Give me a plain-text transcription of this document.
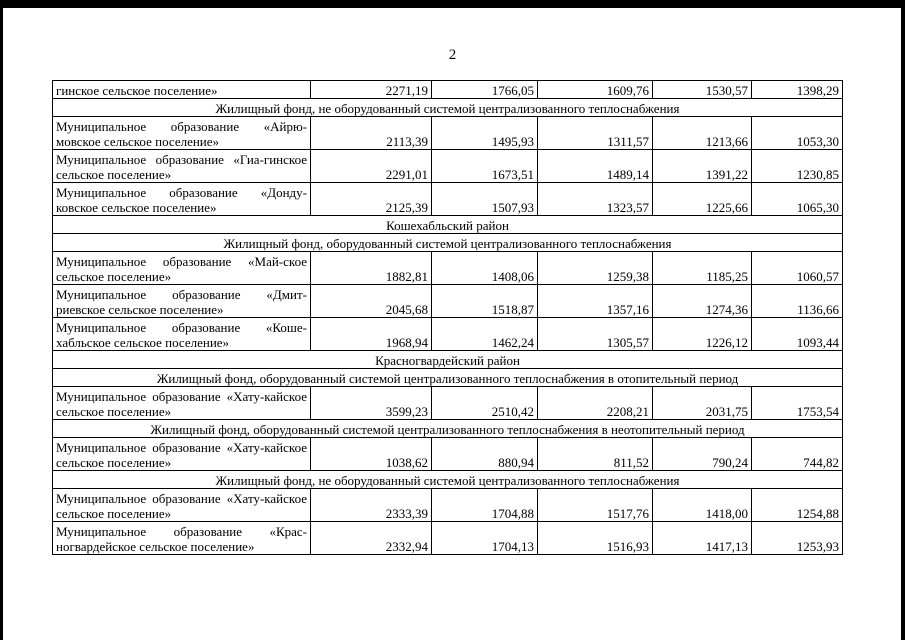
2
гинское сельское поселение»	2271,19	1766,05	1609,76	1530,57	1398,29
Жилищный фонд, не оборудованный системой централизованного теплоснабжения					
Муниципальное образование «Айрю-мовское сельское поселение»	2113,39	1495,93	1311,57	1213,66	1053,30
Муниципальное образование «Гиа-гинское сельское поселение»	2291,01	1673,51	1489,14	1391,22	1230,85
Муниципальное образование «Донду-ковское сельское поселение»	2125,39	1507,93	1323,57	1225,66	1065,30
Кошехабльский район					
Жилищный фонд, оборудованный системой централизованного теплоснабжения					
Муниципальное образование «Май-ское сельское поселение»	1882,81	1408,06	1259,38	1185,25	1060,57
Муниципальное образование «Дмит-риевское сельское поселение»	2045,68	1518,87	1357,16	1274,36	1136,66
Муниципальное образование «Коше-хабльское сельское поселение»	1968,94	1462,24	1305,57	1226,12	1093,44
Красногвардейский район					
Жилищный фонд, оборудованный системой централизованного теплоснабжения в отопительный период					
Муниципальное образование «Хату-кайское сельское поселение»	3599,23	2510,42	2208,21	2031,75	1753,54
Жилищный фонд, оборудованный системой централизованного теплоснабжения в неотопительный период					
Муниципальное образование «Хату-кайское сельское поселение»	1038,62	880,94	811,52	790,24	744,82
Жилищный фонд, не оборудованный системой централизованного теплоснабжения					
Муниципальное образование «Хату-кайское сельское поселение»	2333,39	1704,88	1517,76	1418,00	1254,88
Муниципальное образование «Крас-ногвардейское сельское поселение»	2332,94	1704,13	1516,93	1417,13	1253,93
